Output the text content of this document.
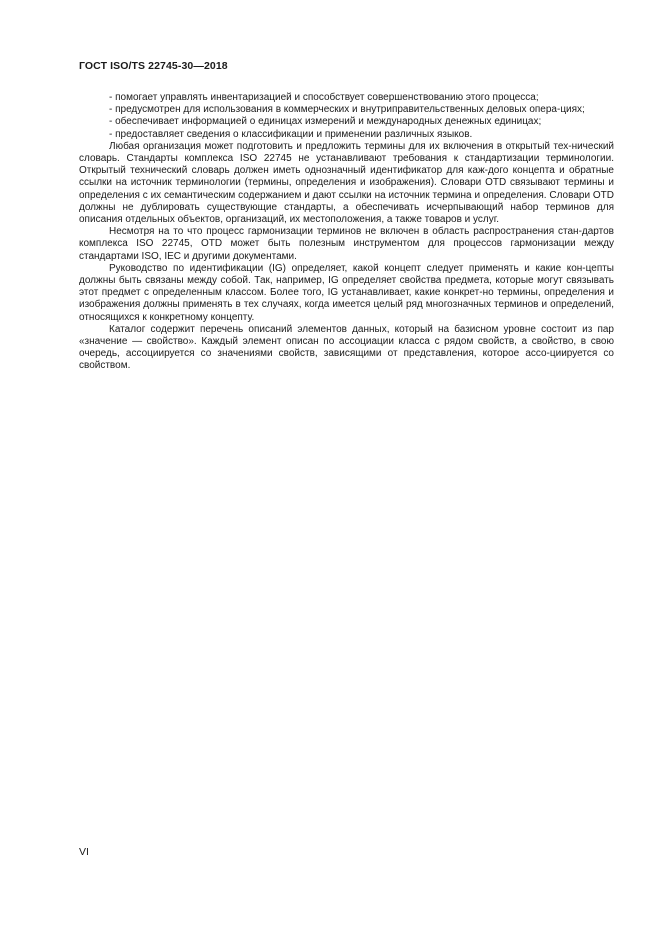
ГОСТ ISO/TS 22745-30—2018

- помогает управлять инвентаризацией и способствует совершенствованию этого процесса;

- предусмотрен для использования в коммерческих и внутриправительственных деловых опера-циях;

- обеспечивает информацией о единицах измерений и международных денежных единицах;

- предоставляет сведения о классификации и применении различных языков.

Любая организация может подготовить и предложить термины для их включения в открытый тех-нический словарь. Стандарты комплекса ISO 22745 не устанавливают требования к стандартизации терминологии. Открытый технический словарь должен иметь однозначный идентификатор для каж-дого концепта и обратные ссылки на источник терминологии (термины, определения и изображения). Словари OTD связывают термины и определения с их семантическим содержанием и дают ссылки на источник термина и определения. Словари OTD должны не дублировать существующие стандарты, а обеспечивать исчерпывающий набор терминов для описания отдельных объектов, организаций, их местоположения, а также товаров и услуг.

Несмотря на то что процесс гармонизации терминов не включен в область распространения стан-дартов комплекса ISO 22745, OTD может быть полезным инструментом для процессов гармонизации между стандартами ISO, IEC и другими документами.

Руководство по идентификации (IG) определяет, какой концепт следует применять и какие кон-цепты должны быть связаны между собой. Так, например, IG определяет свойства предмета, которые могут связывать этот предмет с определенным классом. Более того, IG устанавливает, какие конкрет-но термины, определения и изображения должны применять в тех случаях, когда имеется целый ряд многозначных терминов и определений, относящихся к конкретному концепту.

Каталог содержит перечень описаний элементов данных, который на базисном уровне состоит из пар «значение — свойство». Каждый элемент описан по ассоциации класса с рядом свойств, а свойство, в свою очередь, ассоциируется со значениями свойств, зависящими от представления, которое ассо-циируется со свойством.

VI
